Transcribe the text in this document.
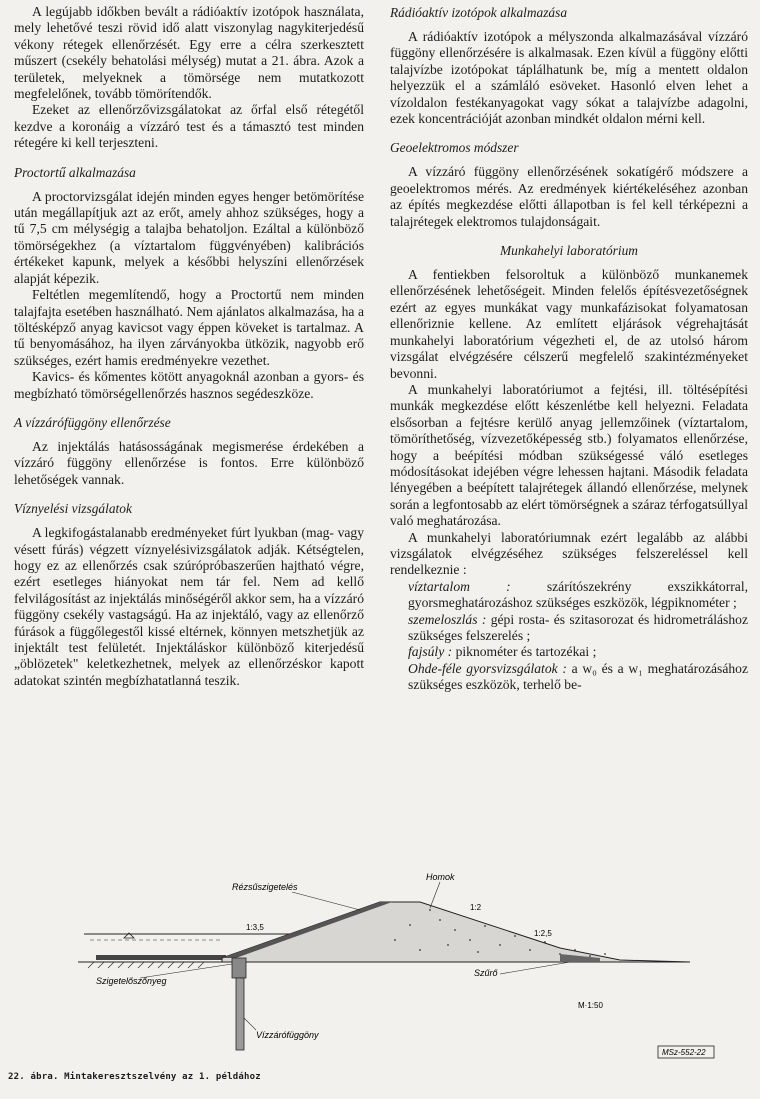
A legújabb időkben bevált a rádióaktív izotópok használata, mely lehetővé teszi rövid idő alatt viszonylag nagykiterjedésű vékony rétegek ellenőrzését. Egy erre a célra szerkesztett műszert (csekély behatolási mélység) mutat a 21. ábra. Azok a területek, melyeknek a tömörsége nem mutatkozott megfelelőnek, tovább tömörítendők.

Ezeket az ellenőrzővizsgálatokat az őrfal első rétegétől kezdve a koronáig a vízzáró test és a támasztó test minden rétegére ki kell terjeszteni.

Proctortű alkalmazása

A proctorvizsgálat idején minden egyes henger betömörítése után megállapítjuk azt az erőt, amely ahhoz szükséges, hogy a tű 7,5 cm mélységig a talajba behatoljon. Ezáltal a különböző tömörségekhez (a víztartalom függvényében) kalibrációs értékeket kapunk, melyek a későbbi helyszíni ellenőrzések alapját képezik.

Feltétlen megemlítendő, hogy a Proctortű nem minden talajfajta esetében használható. Nem ajánlatos alkalmazása, ha a töltésképző anyag kavicsot vagy éppen köveket is tartalmaz. A tű benyomásához, ha ilyen zárványokba ütközik, nagyobb erő szükséges, ezért hamis eredményekre vezethet.

Kavics- és kőmentes kötött anyagoknál azonban a gyors- és megbízható tömörségellenőrzés hasznos segédeszköze.

A vízzárófüggöny ellenőrzése

Az injektálás hatásosságának megismerése érdekében a vízzáró függöny ellenőrzése is fontos. Erre különböző lehetőségek vannak.

Víznyelési vizsgálatok

A legkifogástalanabb eredményeket fúrt lyukban (mag- vagy vésett fúrás) végzett víznyelésivizsgálatok adják. Kétségtelen, hogy ez az ellenőrzés csak szúrópróbaszerűen hajtható végre, ezért esetleges hiányokat nem tár fel. Nem ad kellő felvilágosítást az injektálás minőségéről akkor sem, ha a vízzáró függöny csekély vastagságú. Ha az injektáló, vagy az ellenőrző fúrások a függőlegestől kissé eltérnek, könnyen metszhetjük az injektált test felületét. Injektáláskor különböző kiterjedésű „öblözetek" keletkezhetnek, melyek az ellenőrzéskor kapott adatokat szintén megbízhatatlanná teszik.

Rádióaktív izotópok alkalmazása

A rádióaktív izotópok a mélyszonda alkalmazásával vízzáró függöny ellenőrzésére is alkalmasak. Ezen kívül a függöny előtti talajvízbe izotópokat táplálhatunk be, míg a mentett oldalon helyezzük el a számláló esöveket. Hasonló elven lehet a vízoldalon festékanyagokat vagy sókat a talajvízbe adagolni, ezek koncentrációját azonban mindkét oldalon mérni kell.

Geoelektromos módszer

A vízzáró függöny ellenőrzésének sokatígérő módszere a geoelektromos mérés. Az eredmények kiértékeléséhez azonban az építés megkezdése előtti állapotban is fel kell térképezni a talajrétegek elektromos tulajdonságait.

Munkahelyi laboratórium

A fentiekben felsoroltuk a különböző munkanemek ellenőrzésének lehetőségeit. Minden felelős építésvezetőségnek ezért az egyes munkákat vagy munkafázisokat folyamatosan ellenőriznie kellene. Az említett eljárások végrehajtását munkahelyi laboratórium végezheti el, de az utolsó három vizsgálat elvégzésére célszerű megfelelő szakintézményeket bevonni.

A munkahelyi laboratóriumot a fejtési, ill. töltésépítési munkák megkezdése előtt készenlétbe kell helyezni. Feladata elsősorban a fejtésre kerülő anyag jellemzőinek (víztartalom, tömöríthetőség, vízvezetőképesség stb.) folyamatos ellenőrzése, hogy a beépítési módban szükségessé váló esetleges módosításokat idejében végre lehessen hajtani. Második feladata lényegében a beépített talajrétegek állandó ellenőrzése, melynek során a legfontosabb az elért tömörségnek a száraz térfogatsúllyal való meghatározása.

A munkahelyi laboratóriumnak ezért legalább az alábbi vizsgálatok elvégzéséhez szükséges felszereléssel kell rendelkeznie :

víztartalom : szárítószekrény exszikkátorral, gyorsmeghatározáshoz szükséges eszközök, légpiknométer ;

szemeloszlás : gépi rosta- és szitasorozat és hidrometráláshoz szükséges felszerelés ;

fajsúly : piknométer és tartozékai ;

Ohde-féle gyorsvizsgálatok : a w₀ és a w₁ meghatározásához szükséges eszközök, terhelő be-

Rézsűszigetelés
Homok
1:3,5
1:2
1:2,5
Szigetelőszőnyeg
Vízzárófüggöny
Szűrő
M·1:50
MSz-552-22
22. ábra. Mintakeresztszelvény az 1. példához
